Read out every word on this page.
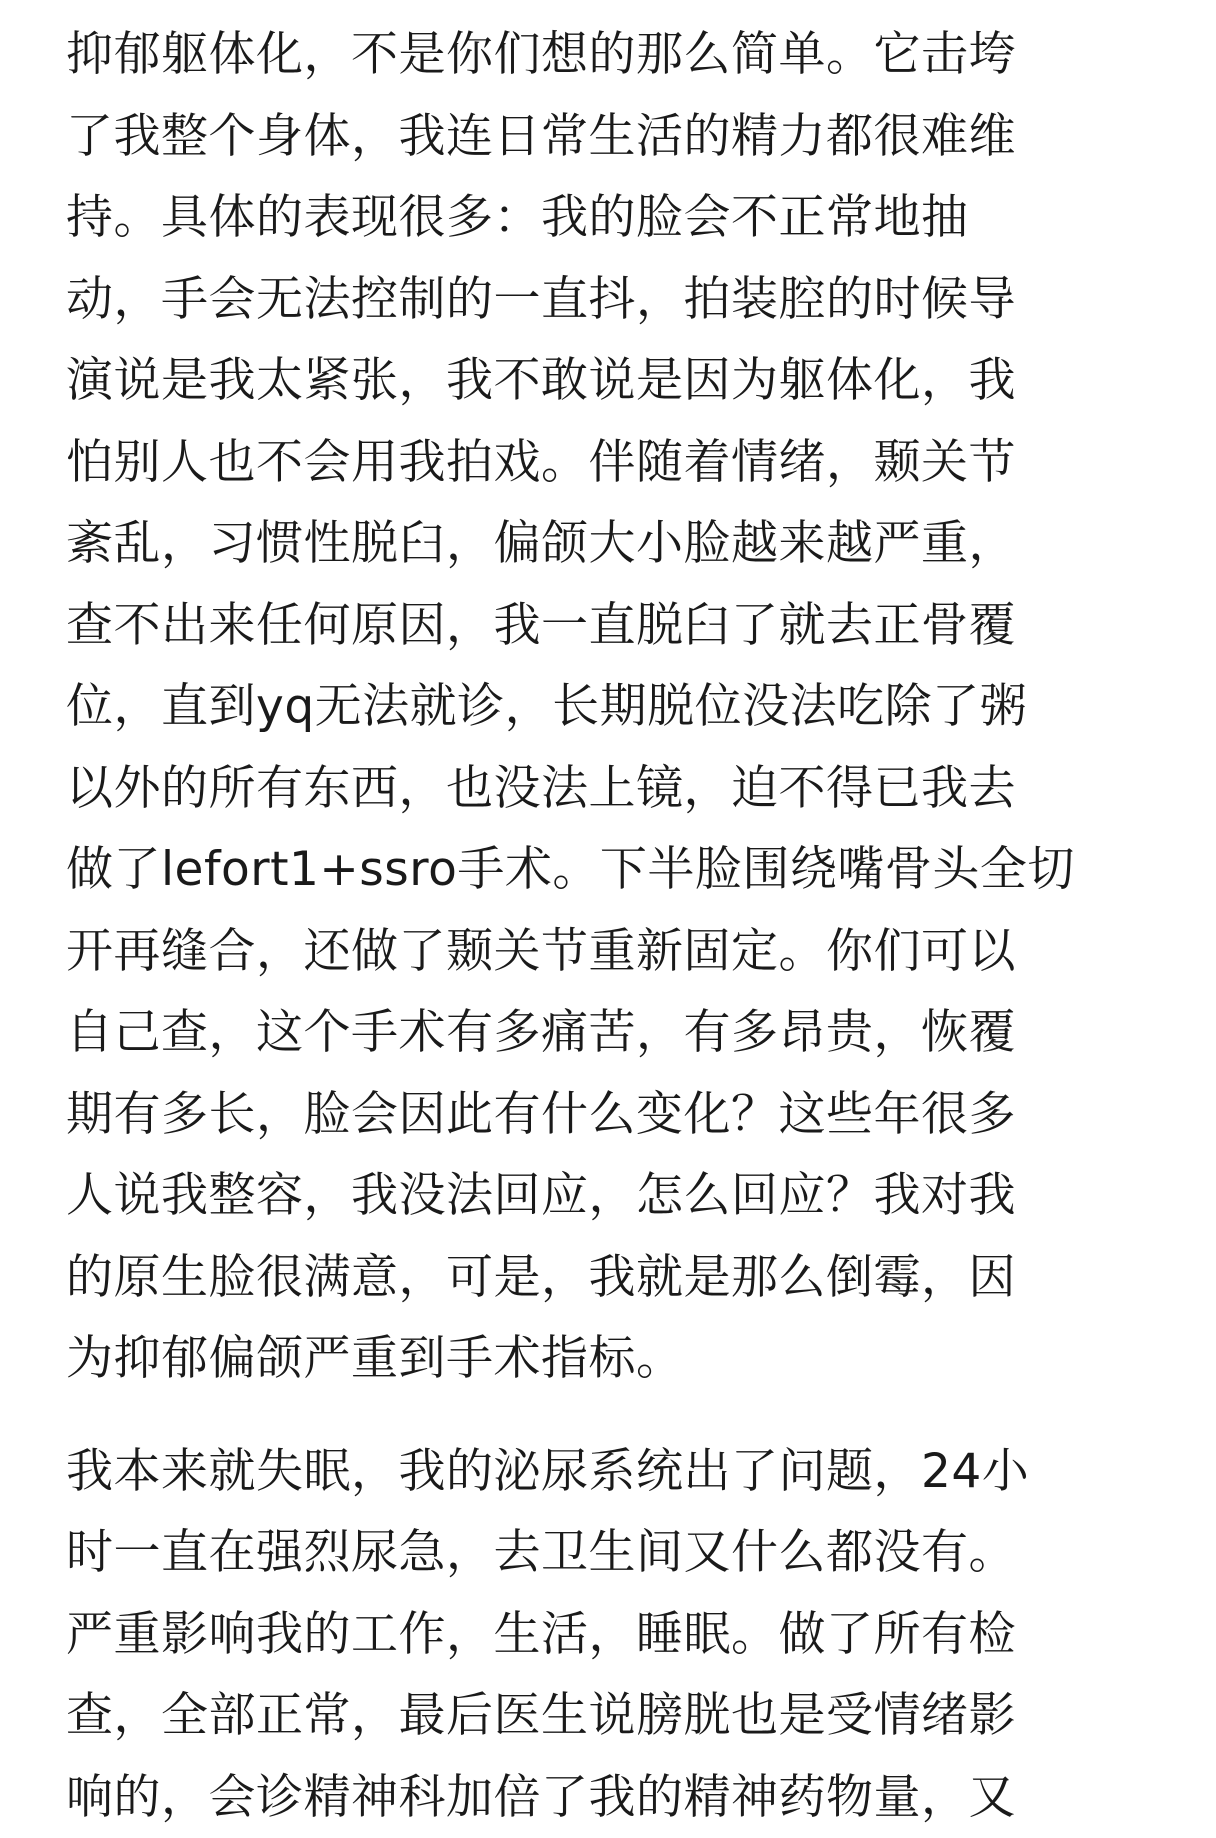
抑郁躯体化，不是你们想的那么简单。它击垮
了我整个身体，我连日常生活的精力都很难维
持。具体的表现很多：我的脸会不正常地抽
动，手会无法控制的一直抖，拍装腔的时候导
演说是我太紧张，我不敢说是因为躯体化，我
怕别人也不会用我拍戏。伴随着情绪，颞关节
紊乱，习惯性脱臼，偏颌大小脸越来越严重，
查不出来任何原因，我一直脱臼了就去正骨覆
位，直到yq无法就诊，长期脱位没法吃除了粥
以外的所有东西，也没法上镜，迫不得已我去
做了lefort1+ssro手术。下半脸围绕嘴骨头全切
开再缝合，还做了颞关节重新固定。你们可以
自己查，这个手术有多痛苦，有多昂贵，恢覆
期有多长，脸会因此有什么变化？这些年很多
人说我整容，我没法回应，怎么回应？我对我
的原生脸很满意，可是，我就是那么倒霉，因
为抑郁偏颌严重到手术指标。

我本来就失眠，我的泌尿系统出了问题，24小
时一直在强烈尿急，去卫生间又什么都没有。
严重影响我的工作，生活，睡眠。做了所有检
查，全部正常，最后医生说膀胱也是受情绪影
响的，会诊精神科加倍了我的精神药物量，又
